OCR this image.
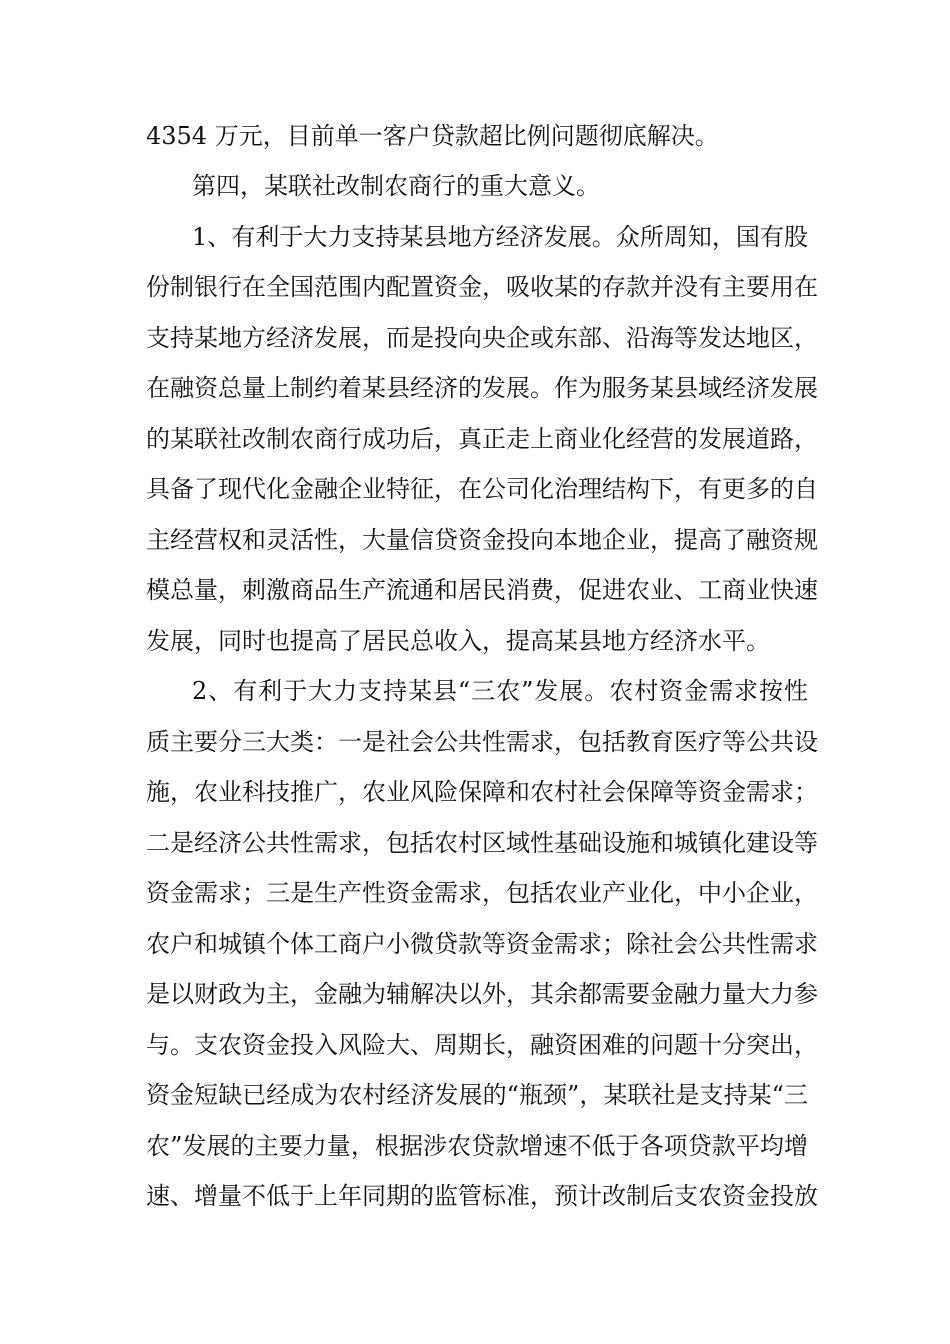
4354 万元，目前单一客户贷款超比例问题彻底解决。
第四，某联社改制农商行的重大意义。
1、有利于大力支持某县地方经济发展。众所周知，国有股
份制银行在全国范围内配置资金，吸收某的存款并没有主要用在
支持某地方经济发展，而是投向央企或东部、沿海等发达地区，
在融资总量上制约着某县经济的发展。作为服务某县域经济发展
的某联社改制农商行成功后，真正走上商业化经营的发展道路，
具备了现代化金融企业特征，在公司化治理结构下，有更多的自
主经营权和灵活性，大量信贷资金投向本地企业，提高了融资规
模总量，刺激商品生产流通和居民消费，促进农业、工商业快速
发展，同时也提高了居民总收入，提高某县地方经济水平。
2、有利于大力支持某县“三农”发展。农村资金需求按性
质主要分三大类：一是社会公共性需求，包括教育医疗等公共设
施，农业科技推广，农业风险保障和农村社会保障等资金需求；
二是经济公共性需求，包括农村区域性基础设施和城镇化建设等
资金需求；三是生产性资金需求，包括农业产业化，中小企业，
农户和城镇个体工商户小微贷款等资金需求；除社会公共性需求
是以财政为主，金融为辅解决以外，其余都需要金融力量大力参
与。支农资金投入风险大、周期长，融资困难的问题十分突出，
资金短缺已经成为农村经济发展的“瓶颈”，某联社是支持某“三
农”发展的主要力量，根据涉农贷款增速不低于各项贷款平均增
速、增量不低于上年同期的监管标准，预计改制后支农资金投放
